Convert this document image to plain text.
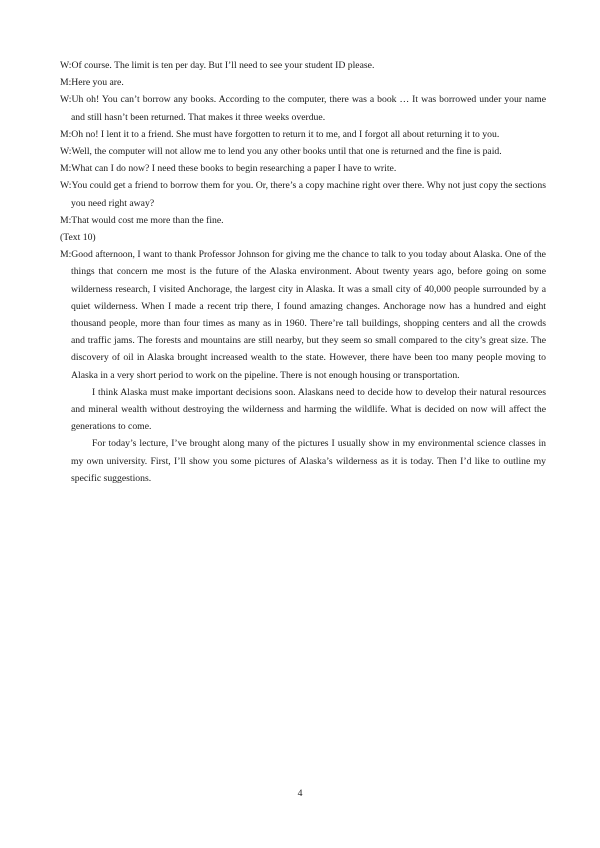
W:Of course. The limit is ten per day. But I’ll need to see your student ID please.
M:Here you are.
W:Uh oh! You can’t borrow any books. According to the computer, there was a book … It was borrowed under your name and still hasn’t been returned. That makes it three weeks overdue.
M:Oh no! I lent it to a friend. She must have forgotten to return it to me, and I forgot all about returning it to you.
W:Well, the computer will not allow me to lend you any other books until that one is returned and the fine is paid.
M:What can I do now? I need these books to begin researching a paper I have to write.
W:You could get a friend to borrow them for you. Or, there’s a copy machine right over there. Why not just copy the sections you need right away?
M:That would cost me more than the fine.
(Text 10)
M:Good afternoon, I want to thank Professor Johnson for giving me the chance to talk to you today about Alaska. One of the things that concern me most is the future of the Alaska environment. About twenty years ago, before going on some wilderness research, I visited Anchorage, the largest city in Alaska. It was a small city of 40,000 people surrounded by a quiet wilderness. When I made a recent trip there, I found amazing changes. Anchorage now has a hundred and eight thousand people, more than four times as many as in 1960. There’re tall buildings, shopping centers and all the crowds and traffic jams. The forests and mountains are still nearby, but they seem so small compared to the city’s great size. The discovery of oil in Alaska brought increased wealth to the state. However, there have been too many people moving to Alaska in a very short period to work on the pipeline. There is not enough housing or transportation.
I think Alaska must make important decisions soon. Alaskans need to decide how to develop their natural resources and mineral wealth without destroying the wilderness and harming the wildlife. What is decided on now will affect the generations to come.
For today’s lecture, I’ve brought along many of the pictures I usually show in my environmental science classes in my own university. First, I’ll show you some pictures of Alaska’s wilderness as it is today. Then I’d like to outline my specific suggestions.
4
